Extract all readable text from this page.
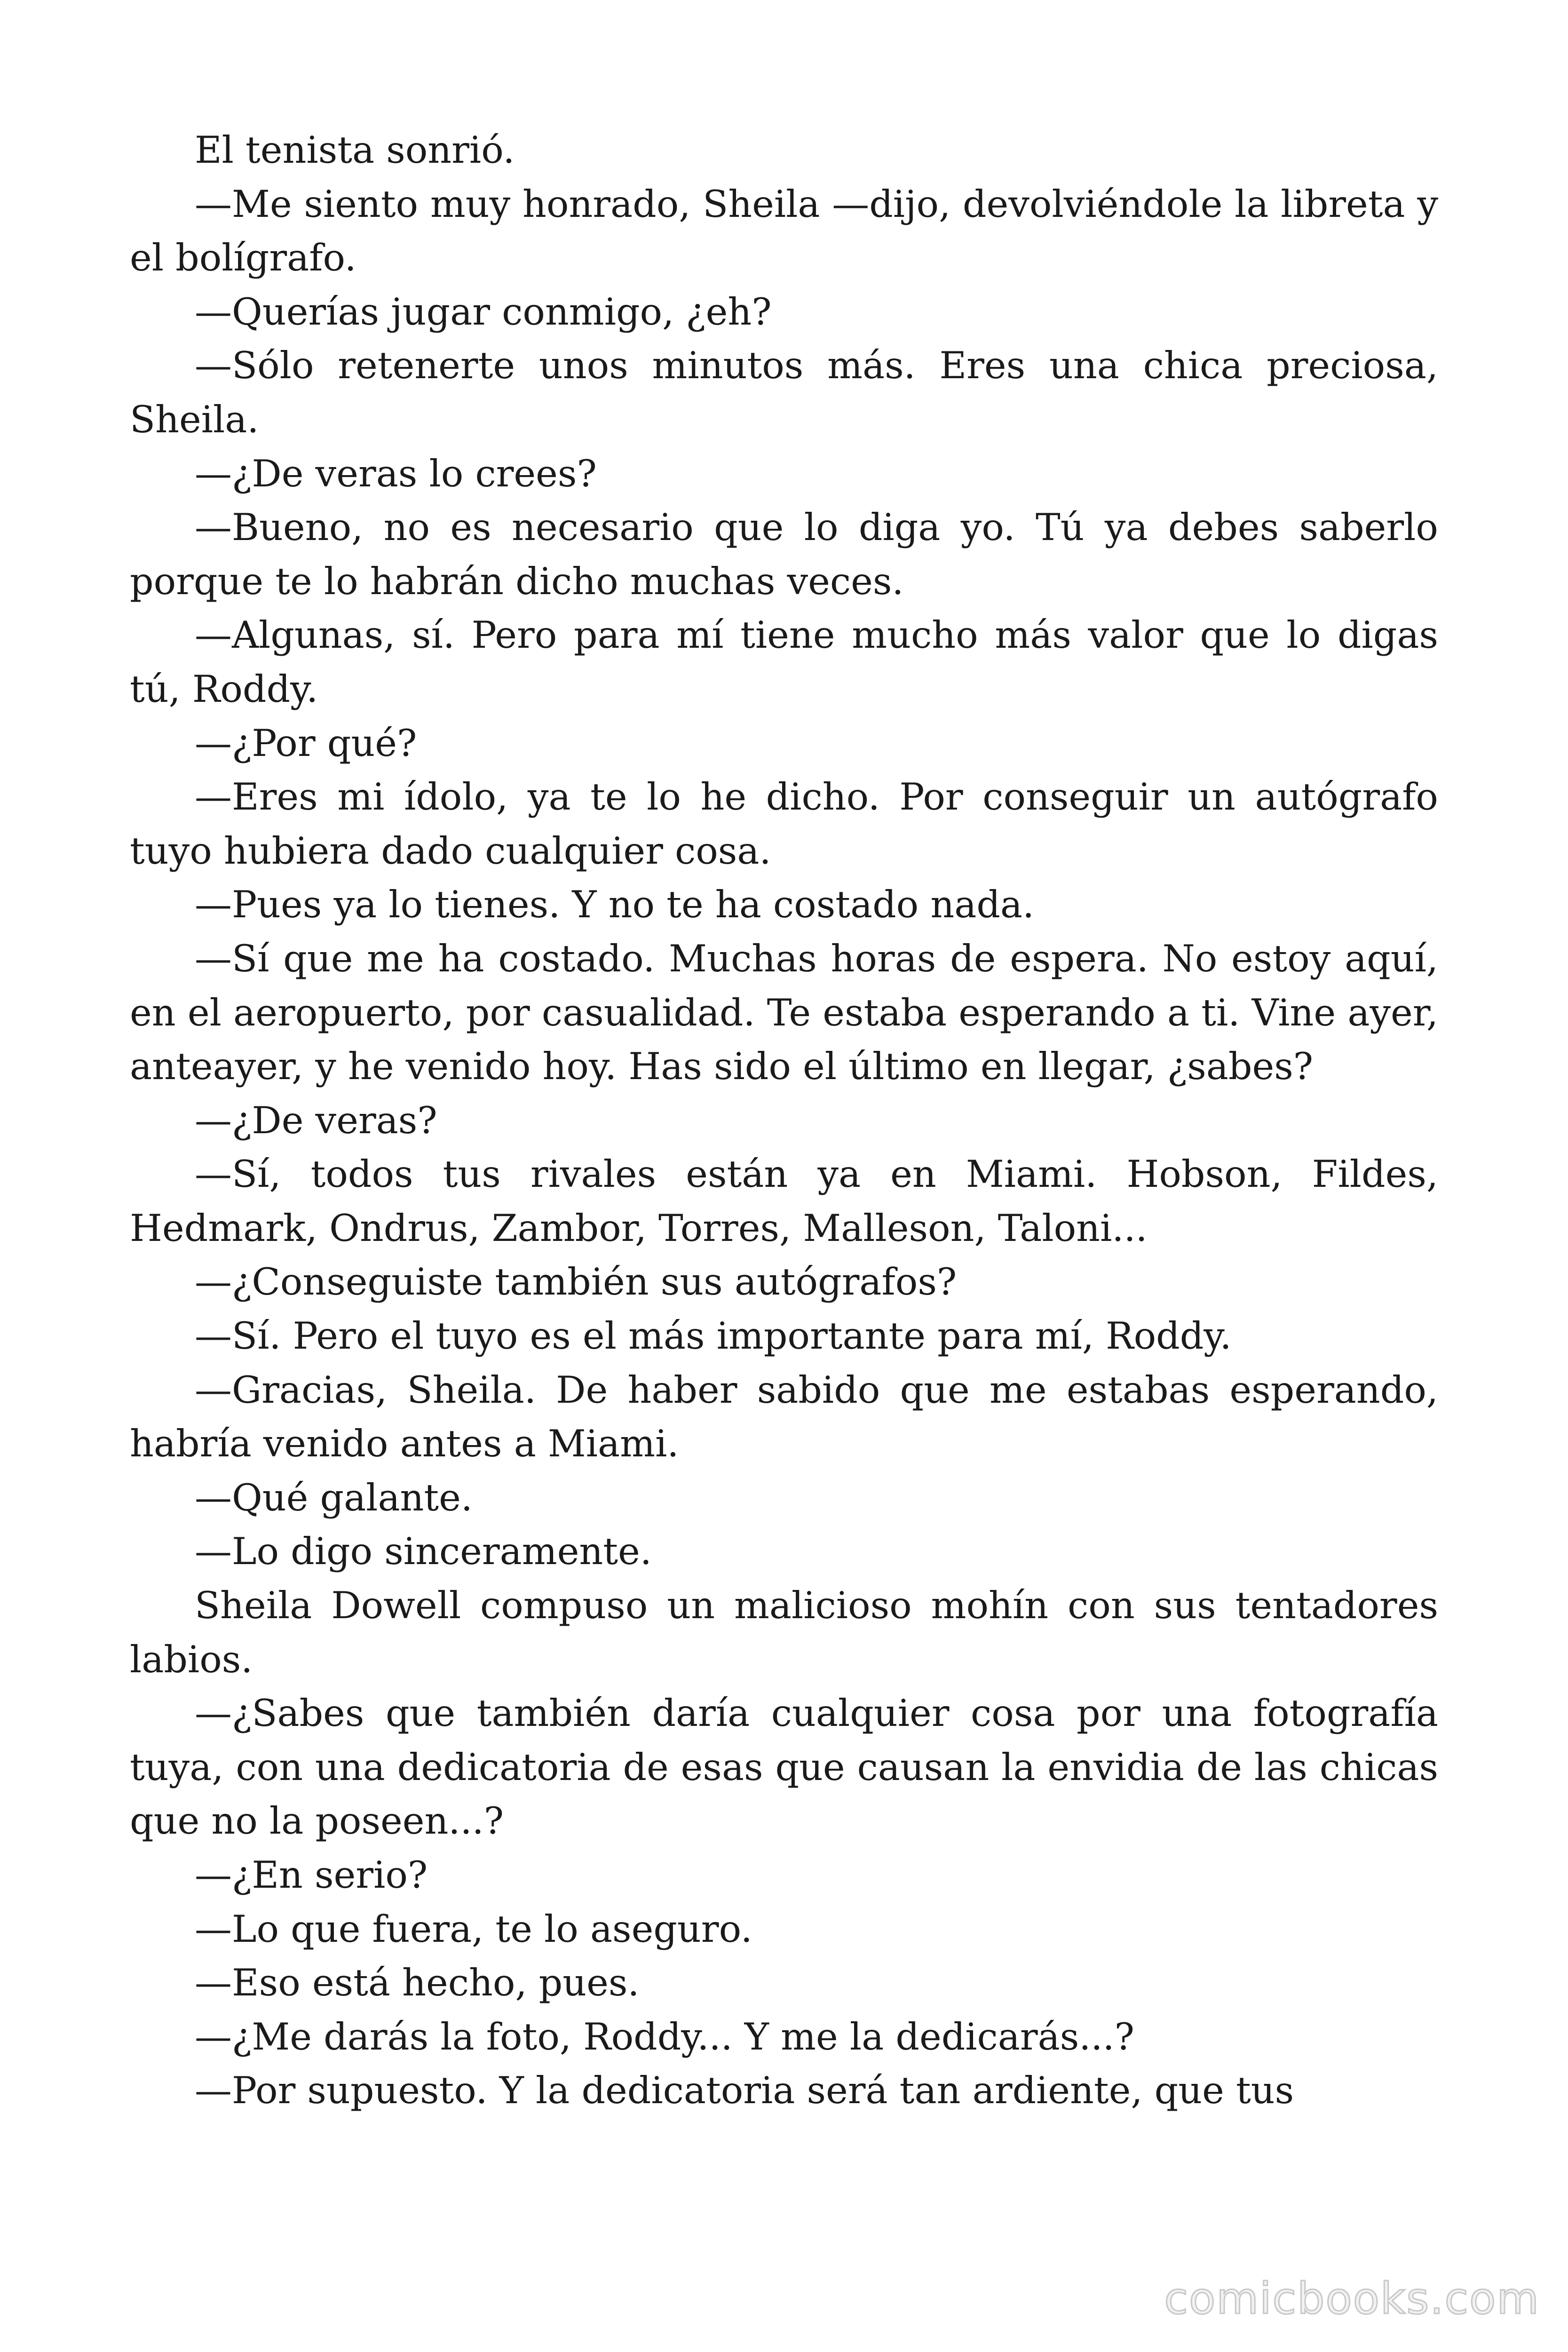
El tenista sonrió.

—Me siento muy honrado, Sheila —dijo, devolviéndole la libreta y el bolígrafo.

—Querías jugar conmigo, ¿eh?

—Sólo retenerte unos minutos más. Eres una chica preciosa, Sheila.

—¿De veras lo crees?

—Bueno, no es necesario que lo diga yo. Tú ya debes saberlo porque te lo habrán dicho muchas veces.

—Algunas, sí. Pero para mí tiene mucho más valor que lo digas tú, Roddy.

—¿Por qué?

—Eres mi ídolo, ya te lo he dicho. Por conseguir un autógrafo tuyo hubiera dado cualquier cosa.

—Pues ya lo tienes. Y no te ha costado nada.

—Sí que me ha costado. Muchas horas de espera. No estoy aquí, en el aeropuerto, por casualidad. Te estaba esperando a ti. Vine ayer, anteayer, y he venido hoy. Has sido el último en llegar, ¿sabes?

—¿De veras?

—Sí, todos tus rivales están ya en Miami. Hobson, Fildes, Hedmark, Ondrus, Zambor, Torres, Malleson, Taloni...

—¿Conseguiste también sus autógrafos?

—Sí. Pero el tuyo es el más importante para mí, Roddy.

—Gracias, Sheila. De haber sabido que me estabas esperando, habría venido antes a Miami.

—Qué galante.

—Lo digo sinceramente.

Sheila Dowell compuso un malicioso mohín con sus tentadores labios.

—¿Sabes que también daría cualquier cosa por una fotografía tuya, con una dedicatoria de esas que causan la envidia de las chicas que no la poseen...?

—¿En serio?

—Lo que fuera, te lo aseguro.

—Eso está hecho, pues.

—¿Me darás la foto, Roddy... Y me la dedicarás...?

—Por supuesto. Y la dedicatoria será tan ardiente, que tus

comicbooks.com
